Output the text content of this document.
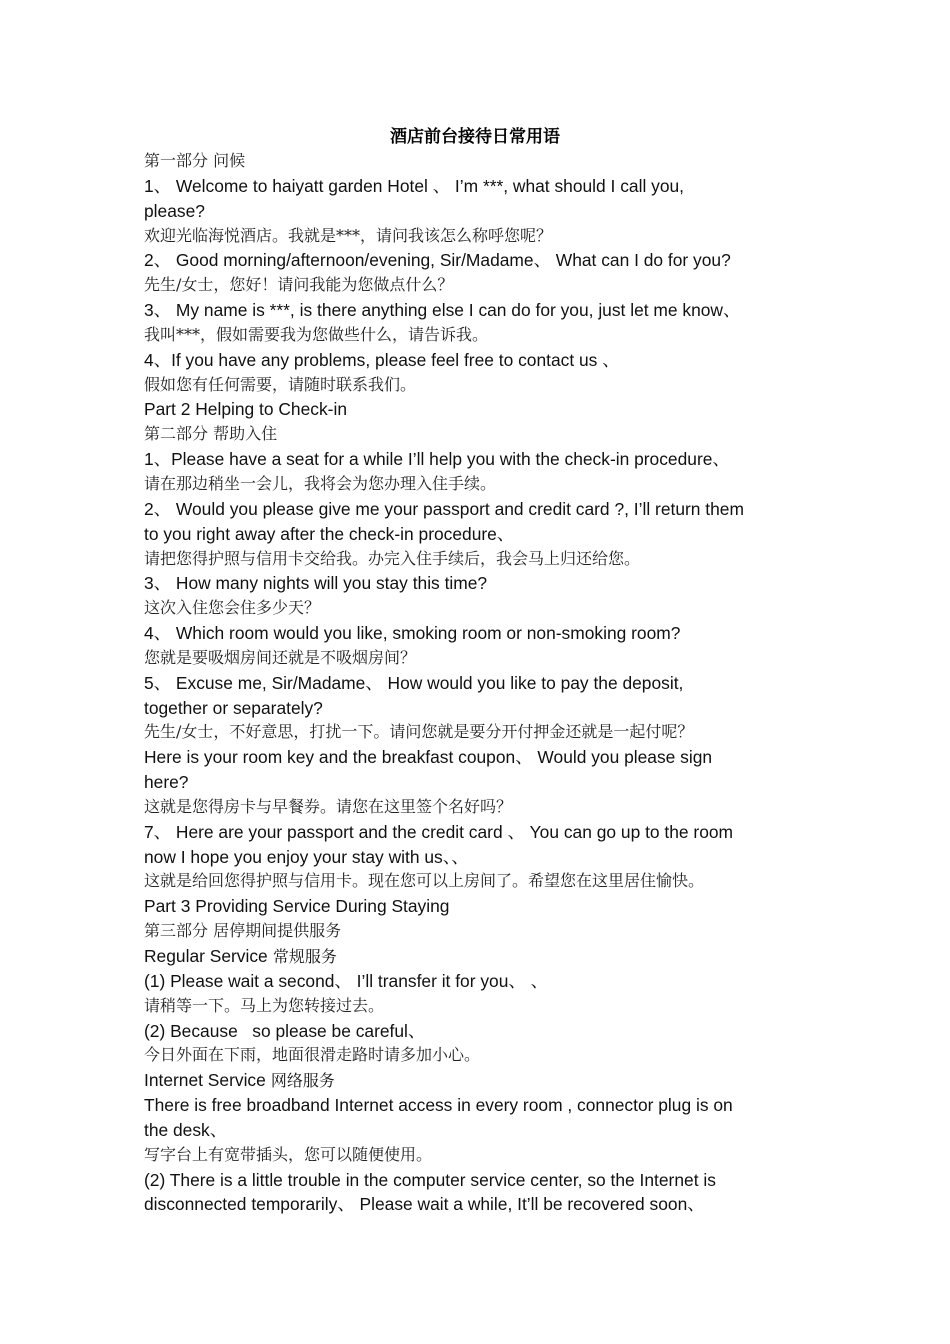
酒店前台接待日常用语
第一部分 问候
1、 Welcome to haiyatt garden Hotel 、 I’m ***, what should I call you,
please?
欢迎光临海悦酒店。我就是***，请问我该怎么称呼您呢？
2、 Good morning/afternoon/evening, Sir/Madame、 What can I do for you?
先生/女士，您好！请问我能为您做点什么？
3、 My name is ***, is there anything else I can do for you, just let me know、
我叫***，假如需要我为您做些什么，请告诉我。
4、If you have any problems, please feel free to contact us 、
假如您有任何需要，请随时联系我们。
Part 2 Helping to Check-in
第二部分 帮助入住
1、Please have a seat for a while I’ll help you with the check-in procedure、
请在那边稍坐一会儿，我将会为您办理入住手续。
2、 Would you please give me your passport and credit card ?, I’ll return them
to you right away after the check-in procedure、
请把您得护照与信用卡交给我。办完入住手续后，我会马上归还给您。
3、 How many nights will you stay this time?
这次入住您会住多少天？
4、 Which room would you like, smoking room or non-smoking room?
您就是要吸烟房间还就是不吸烟房间？
5、 Excuse me, Sir/Madame、 How would you like to pay the deposit,
together or separately?
先生/女士，不好意思，打扰一下。请问您就是要分开付押金还就是一起付呢？
Here is your room key and the breakfast coupon、 Would you please sign
here?
这就是您得房卡与早餐券。请您在这里签个名好吗？
7、 Here are your passport and the credit card 、 You can go up to the room
now I hope you enjoy your stay with us、、
这就是给回您得护照与信用卡。现在您可以上房间了。希望您在这里居住愉快。
Part 3 Providing Service During Staying
第三部分 居停期间提供服务
Regular Service 常规服务
(1) Please wait a second、 I’ll transfer it for you、 、
请稍等一下。马上为您转接过去。
(2) Because   so please be careful、
今日外面在下雨，地面很滑走路时请多加小心。
Internet Service 网络服务
There is free broadband Internet access in every room , connector plug is on
the desk、
写字台上有宽带插头，您可以随便使用。
(2) There is a little trouble in the computer service center, so the Internet is
disconnected temporarily、 Please wait a while, It’ll be recovered soon、
